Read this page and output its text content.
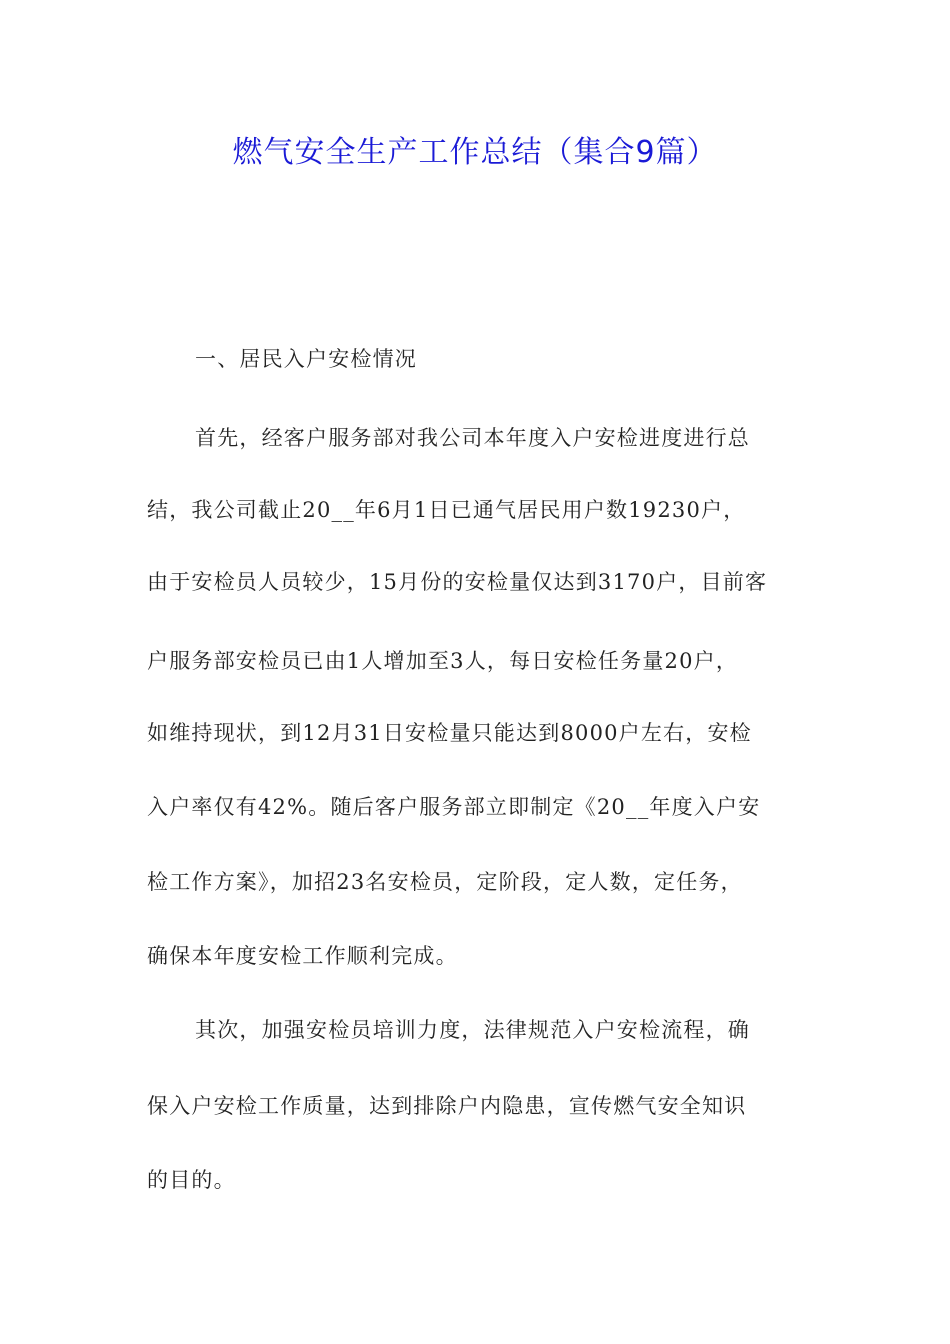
燃气安全生产工作总结（集合9篇）
一、居民入户安检情况
首先，经客户服务部对我公司本年度入户安检进度进行总
结，我公司截止20__年6月1日已通气居民用户数19230户，
由于安检员人员较少，15月份的安检量仅达到3170户，目前客
户服务部安检员已由1人增加至3人，每日安检任务量20户，
如维持现状，到12月31日安检量只能达到8000户左右，安检
入户率仅有42%。随后客户服务部立即制定《20__年度入户安
检工作方案》，加招23名安检员，定阶段，定人数，定任务，
确保本年度安检工作顺利完成。
其次，加强安检员培训力度，法律规范入户安检流程，确
保入户安检工作质量，达到排除户内隐患，宣传燃气安全知识
的目的。
